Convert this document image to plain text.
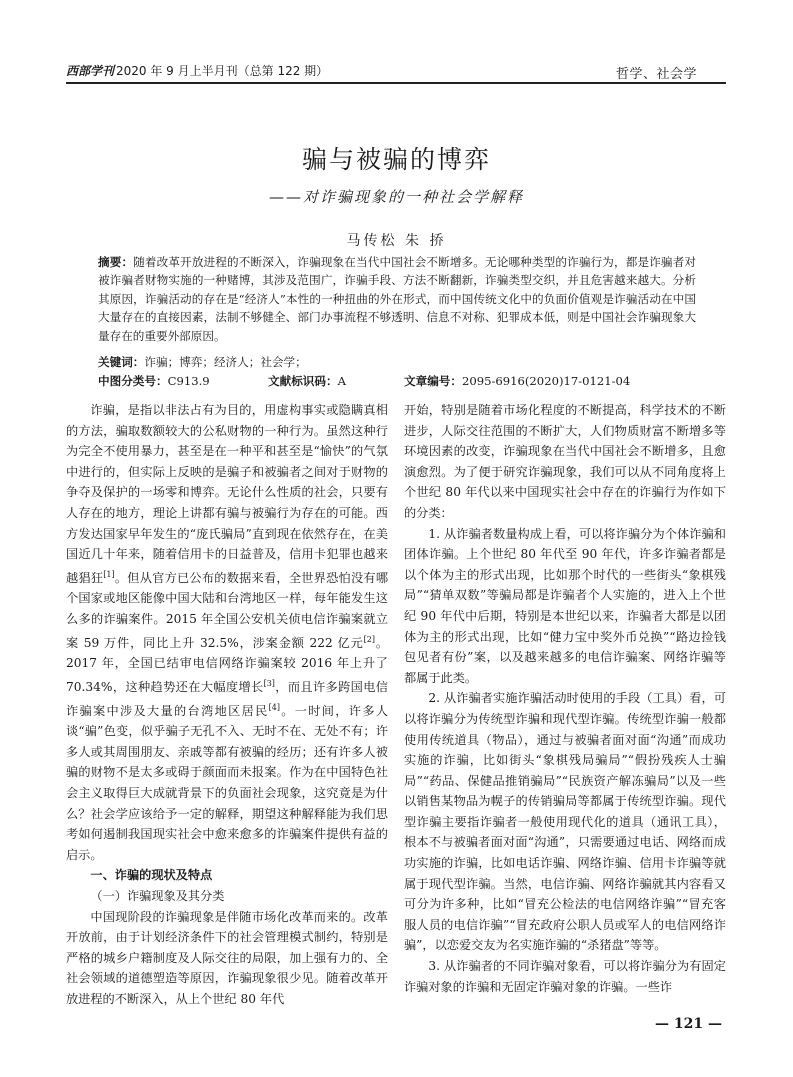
西部学刊 2020 年 9 月上半月刊（总第 122 期）	哲学、社会学
骗与被骗的博弈
——对诈骗现象的一种社会学解释
马传松 朱 挢
摘要：随着改革开放进程的不断深入，诈骗现象在当代中国社会不断增多。无论哪种类型的诈骗行为，都是诈骗者对被诈骗者财物实施的一种赌博，其涉及范围广，诈骗手段、方法不断翻新，诈骗类型交织，并且危害越来越大。分析其原因，诈骗活动的存在是“经济人”本性的一种扭曲的外在形式，而中国传统文化中的负面价值观是诈骗活动在中国大量存在的直接因素，法制不够健全、部门办事流程不够透明、信息不对称、犯罪成本低，则是中国社会诈骗现象大量存在的重要外部原因。
关键词：诈骗；博弈；经济人；社会学；
中图分类号：C913.9	文献标识码：A	文章编号：2095-6916(2020)17-0121-04

诈骗，是指以非法占有为目的，用虚构事实或隐瞒真相的方法，骗取数额较大的公私财物的一种行为。虽然这种行为完全不使用暴力，甚至是在一种平和甚至是“愉快”的气氛中进行的，但实际上反映的是骗子和被骗者之间对于财物的争夺及保护的一场零和博弈。无论什么性质的社会，只要有人存在的地方，理论上讲都有骗与被骗行为存在的可能。西方发达国家早年发生的“庞氏骗局”直到现在依然存在，在美国近几十年来，随着信用卡的日益普及，信用卡犯罪也越来越猖狂[1]。但从官方已公布的数据来看，全世界恐怕没有哪个国家或地区能像中国大陆和台湾地区一样，每年能发生这么多的诈骗案件。2015 年全国公安机关侦电信诈骗案就立案 59 万件，同比上升 32.5%，涉案金额 222 亿元[2]。2017 年，全国已结审电信网络诈骗案较 2016 年上升了 70.34%，这种趋势还在大幅度增长[3]，而且许多跨国电信诈骗案中涉及大量的台湾地区居民[4]。一时间，许多人谈“骗”色变，似乎骗子无孔不入、无时不在、无处不有；许多人或其周围朋友、亲戚等都有被骗的经历；还有许多人被骗的财物不是太多或碍于颜面而未报案。作为在中国特色社会主义取得巨大成就背景下的负面社会现象，这究竟是为什么？社会学应该给予一定的解释，期望这种解释能为我们思考如何遏制我国现实社会中愈来愈多的诈骗案件提供有益的启示。

一、诈骗的现状及特点

（一）诈骗现象及其分类

中国现阶段的诈骗现象是伴随市场化改革而来的。改革开放前，由于计划经济条件下的社会管理模式制约，特别是严格的城乡户籍制度及人际交往的局限，加上强有力的、全社会领域的道德塑造等原因，诈骗现象很少见。随着改革开放进程的不断深入，从上个世纪 80 年代

开始，特别是随着市场化程度的不断提高，科学技术的不断进步，人际交往范围的不断扩大，人们物质财富不断增多等环境因素的改变，诈骗现象在当代中国社会不断增多，且愈演愈烈。为了便于研究诈骗现象，我们可以从不同角度将上个世纪 80 年代以来中国现实社会中存在的诈骗行为作如下的分类：

1. 从诈骗者数量构成上看，可以将诈骗分为个体诈骗和团体诈骗。上个世纪 80 年代至 90 年代，许多诈骗者都是以个体为主的形式出现，比如那个时代的一些街头“象棋残局”“猜单双数”等骗局都是诈骗者个人实施的，进入上个世纪 90 年代中后期，特别是本世纪以来，诈骗者大都是以团体为主的形式出现，比如“健力宝中奖外币兑换”“路边捡钱包见者有份”案，以及越来越多的电信诈骗案、网络诈骗等都属于此类。

2. 从诈骗者实施诈骗活动时使用的手段（工具）看，可以将诈骗分为传统型诈骗和现代型诈骗。传统型诈骗一般都使用传统道具（物品），通过与被骗者面对面“沟通”而成功实施的诈骗，比如街头“象棋残局骗局”“假扮残疾人士骗局”“药品、保健品推销骗局”“民族资产解冻骗局”以及一些以销售某物品为幌子的传销骗局等都属于传统型诈骗。现代型诈骗主要指诈骗者一般使用现代化的道具（通讯工具），根本不与被骗者面对面“沟通”，只需要通过电话、网络而成功实施的诈骗，比如电话诈骗、网络诈骗、信用卡诈骗等就属于现代型诈骗。当然，电信诈骗、网络诈骗就其内容看又可分为许多种，比如“冒充公检法的电信网络诈骗”“冒充客服人员的电信诈骗”“冒充政府公职人员或军人的电信网络诈骗”，以恋爱交友为名实施诈骗的“杀猪盘”等等。

3. 从诈骗者的不同诈骗对象看，可以将诈骗分为有固定诈骗对象的诈骗和无固定诈骗对象的诈骗。一些诈

— 121 —
